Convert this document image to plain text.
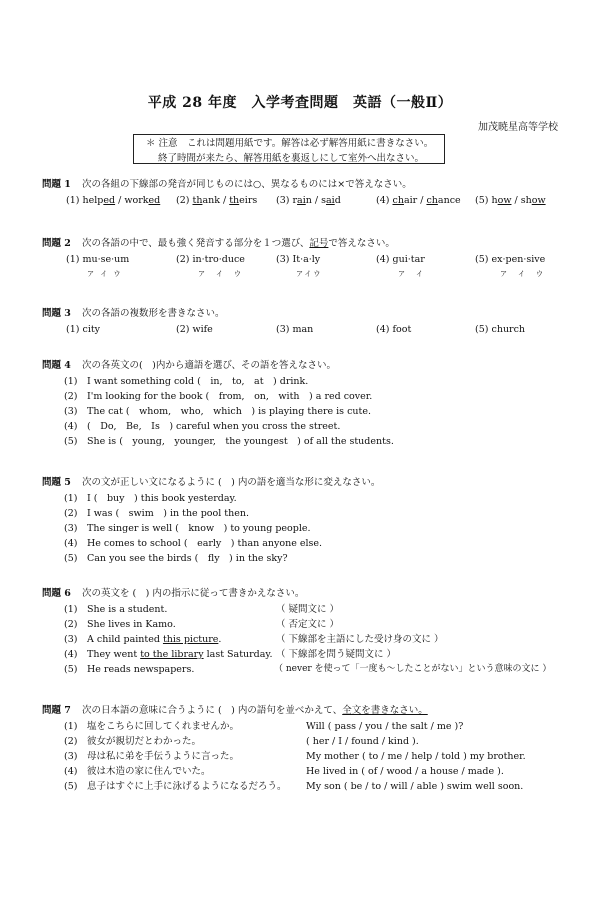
平成 28 年度　入学考査問題　英語（一般Ⅱ）
加茂暁星高等学校
＊ 注意　これは問題用紙です。解答は必ず解答用紙に書きなさい。
終了時間が来たら、解答用紙を裏返しにして室外へ出なさい。
問題 1 次の各組の下線部の発音が同じものには○、異なるものには×で答えなさい。
(1) helped / worked (2) thank / theirs (3) rain / said	(4) chair / chance (5) how / show
問題 2 次の各語の中で、最も強く発音する部分を１つ選び、記号で答えなさい。
(1) mu·se·um
ア イ ウ
(2) in·tro·duce
ア　イ　ウ
(3) It·a·ly
アイウ
(4) gui·tar
ア　イ
(5) ex·pen·sive
ア　イ　ウ
問題 3 次の各語の複数形を書きなさい。
(1) city	(2) wife	(3) man	(4) foot	(5) church
問題 4 次の各英文の(　)内から適語を選び、その語を答えなさい。
(1) I want something cold (　in,　to,　at　) drink.
(2) I'm looking for the book (　from,　on,　with　) a red cover.
(3) The cat (　whom,　who,　which　) is playing there is cute.
(4) (　Do,　Be,　Is　) careful when you cross the street.
(5) She is (　young,　younger,　the youngest　) of all the students.
問題 5 次の文が正しい文になるように (　) 内の語を適当な形に変えなさい。
(1) I (　buy　) this book yesterday.
(2) I was (　swim　) in the pool then.
(3) The singer is well (　know　) to young people.
(4) He comes to school (　early　) than anyone else.
(5) Can you see the birds (　fly　) in the sky?
問題 6 次の英文を (　) 内の指示に従って書きかえなさい。
(1) She is a student.	（ 疑問文に ）
(2) She lives in Kamo.	（ 否定文に ）
(3) A child painted this picture.	（ 下線部を主語にした受け身の文に ）
(4) They went to the library last Saturday. （ 下線部を問う疑問文に ）
(5) He reads newspapers.	（ never を使って「一度も～したことがない」という意味の文に ）
問題 7 次の日本語の意味に合うように (　) 内の語句を並べかえて、全文を書きなさい。
(1) 塩をこちらに回してくれませんか。	Will ( pass / you / the salt / me )?
(2) 彼女が親切だとわかった。	( her / I / found / kind ).
(3) 母は私に弟を手伝うように言った。	My mother ( to / me / help / told ) my brother.
(4) 彼は木造の家に住んでいた。	He lived in ( of / wood / a house / made ).
(5) 息子はすぐに上手に泳げるようになるだろう。 My son ( be / to / will / able ) swim well soon.
